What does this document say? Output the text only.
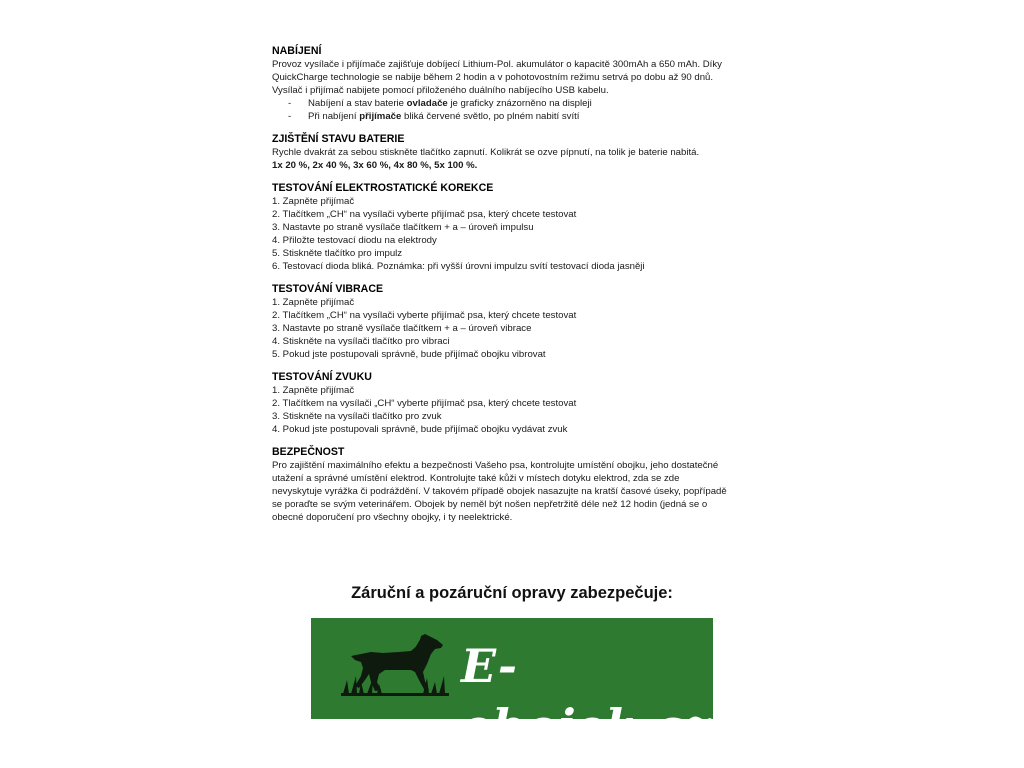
NABÍJENÍ

Provoz vysílače i přijímače zajišťuje dobíjecí Lithium-Pol. akumulátor o kapacitě 300mAh a 650 mAh. Díky

QuickCharge technologie se nabije během 2 hodin a v pohotovostním režimu setrvá po dobu až 90 dnů.

Vysílač i přijímač nabijete pomocí přiloženého duálního nabíjecího USB kabelu.

- Nabíjení a stav baterie ovladače je graficky znázorněno na displeji
- Při nabíjení přijímače bliká červené světlo, po plném nabití svítí
ZJIŠTĚNÍ STAVU BATERIE

Rychle dvakrát za sebou stiskněte tlačítko zapnutí. Kolikrát se ozve pípnutí, na tolik je baterie nabitá.

1x 20 %, 2x 40 %, 3x 60 %, 4x 80 %, 5x 100 %.

TESTOVÁNÍ ELEKTROSTATICKÉ KOREKCE

1. Zapněte přijímač

2. Tlačítkem „CH“ na vysílači vyberte přijímač psa, který chcete testovat

3. Nastavte po straně vysílače tlačítkem + a – úroveň impulsu

4. Přiložte testovací diodu na elektrody

5. Stiskněte tlačítko pro impulz

6. Testovací dioda bliká. Poznámka: při vyšší úrovni impulzu svítí testovací dioda jasněji

TESTOVÁNÍ VIBRACE

1. Zapněte přijímač

2. Tlačítkem „CH“ na vysílači vyberte přijímač psa, který chcete testovat

3. Nastavte po straně vysílače tlačítkem + a – úroveň vibrace

4. Stiskněte na vysílači tlačítko pro vibraci

5. Pokud jste postupovali správně, bude přijímač obojku vibrovat

TESTOVÁNÍ ZVUKU

1. Zapněte přijímač

2. Tlačítkem na vysílači „CH“ vyberte přijímač psa, který chcete testovat

3. Stiskněte na vysílači tlačítko pro zvuk

4. Pokud jste postupovali správně, bude přijímač obojku vydávat zvuk

BEZPEČNOST

Pro zajištění maximálního efektu a bezpečnosti Vašeho psa, kontrolujte umístění obojku, jeho dostatečné

utažení a správné umístění elektrod. Kontrolujte také kůži v místech dotyku elektrod, zda se zde

nevyskytuje vyrážka či podráždění. V takovém případě obojek nasazujte na kratší časové úseky, popřípadě

se poraďte se svým veterinářem. Obojek by neměl být nošen nepřetržitě déle než 12 hodin (jedná se o

obecné doporučení pro všechny obojky, i ty neelektrické.

Záruční a pozáruční opravy zabezpečuje:
E-obojek.cz
